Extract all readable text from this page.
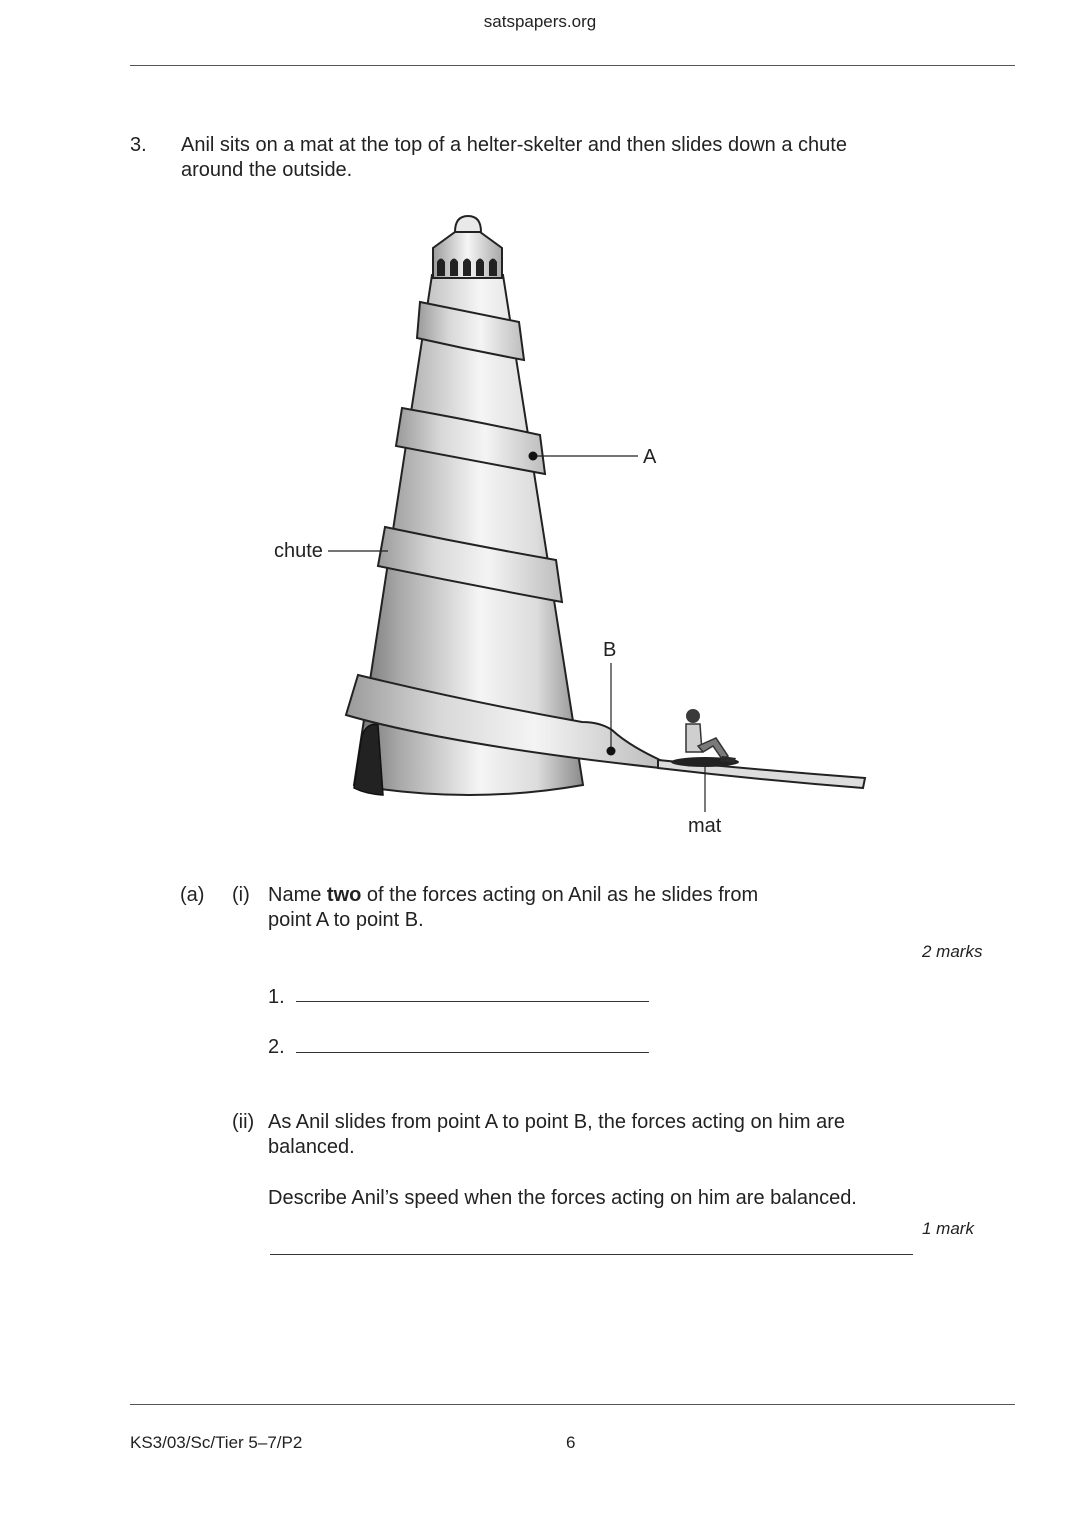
satspapers.org
3. Anil sits on a mat at the top of a helter-skelter and then slides down a chute
around the outside.
A
B
chute
mat
(a) (i) Name two of the forces acting on Anil as he slides from
point A to point B.
2 marks
1.
2.
(ii) As Anil slides from point A to point B, the forces acting on him are
balanced.
Describe Anil’s speed when the forces acting on him are balanced.
1 mark
KS3/03/Sc/Tier 5–7/P2	6
